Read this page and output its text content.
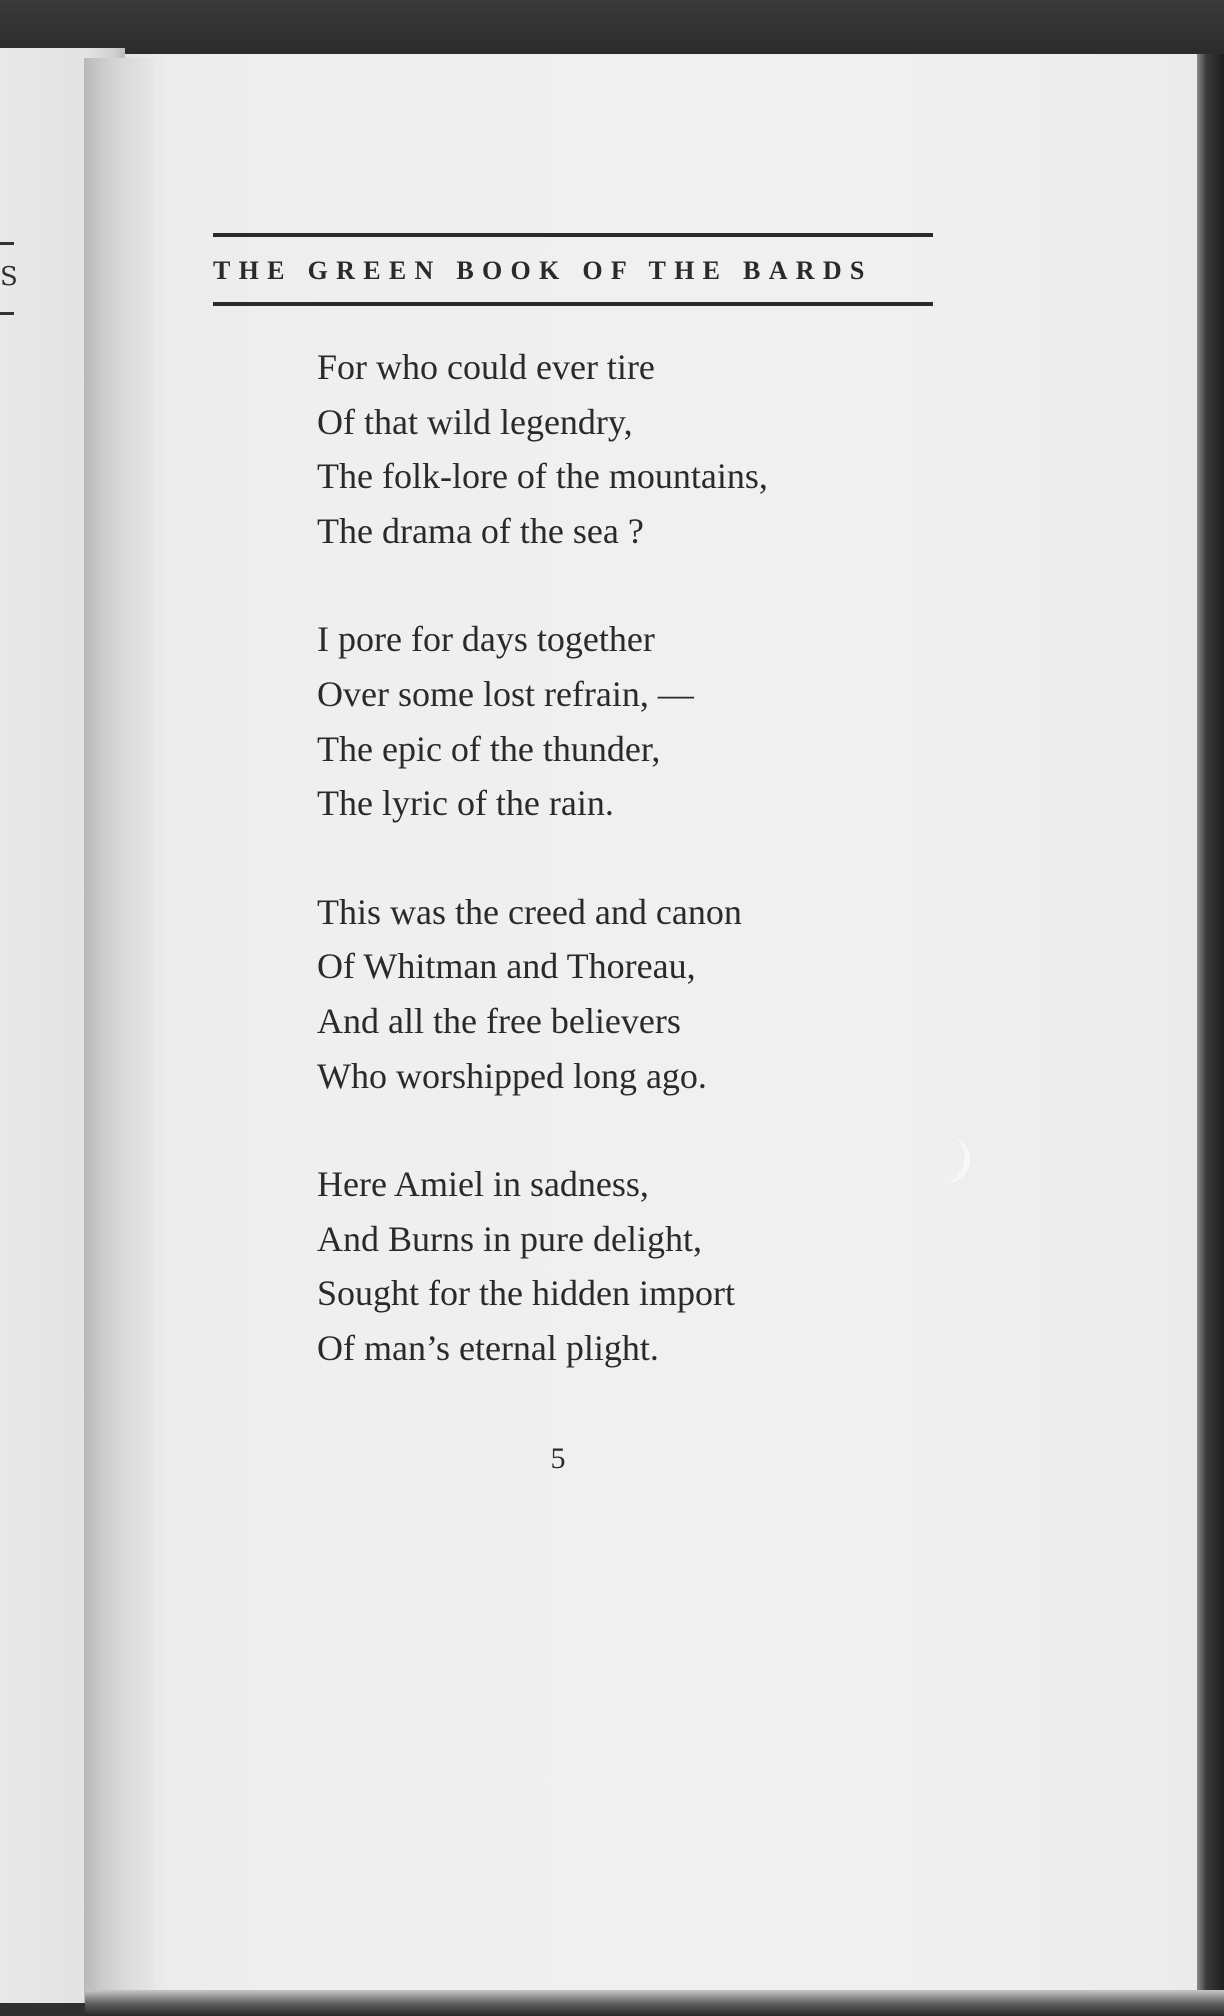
S	THE GREEN BOOK OF THE BARDS
For who could ever tire
Of that wild legendry,
The folk-lore of the mountains,
The drama of the sea ?
I pore for days together
Over some lost refrain, —
The epic of the thunder,
The lyric of the rain.
This was the creed and canon
Of Whitman and Thoreau,
And all the free believers
Who worshipped long ago.
Here Amiel in sadness,
And Burns in pure delight,
Sought for the hidden import
Of man’s eternal plight.
5
